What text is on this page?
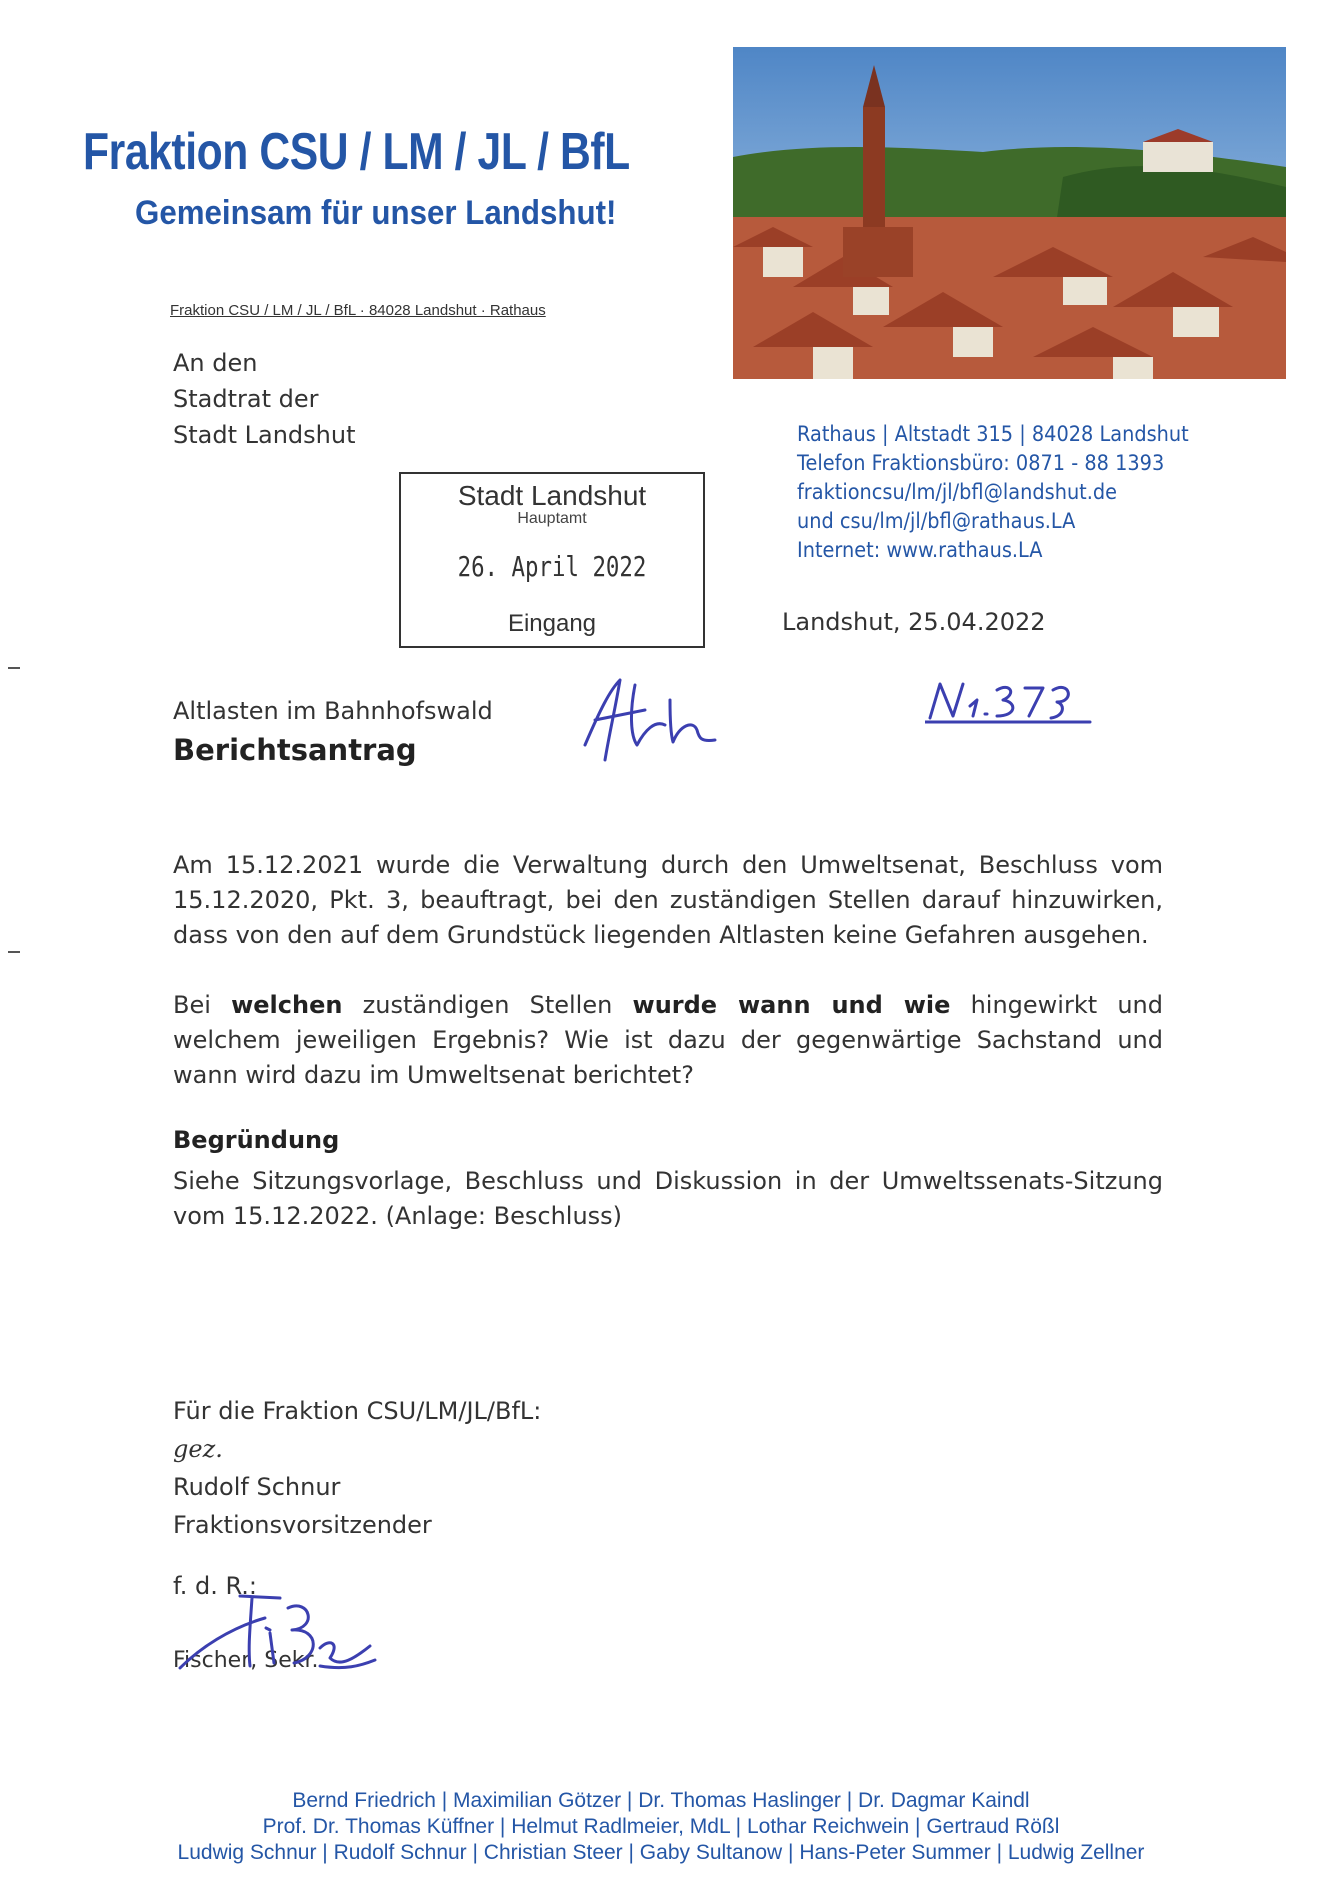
Fraktion CSU / LM / JL / BfL
Gemeinsam für unser Landshut!
Fraktion CSU / LM / JL / BfL · 84028 Landshut · Rathaus
An den
Stadtrat der
Stadt Landshut	Rathaus | Altstadt 315 | 84028 Landshut
Telefon Fraktionsbüro: 0871 - 88 1393
fraktioncsu/lm/jl/bfl@landshut.de
und csu/lm/jl/bfl@rathaus.LA
Internet: www.rathaus.LA
Stadt Landshut
Hauptamt
26. April 2022
Eingang	Landshut, 25.04.2022
Altlasten im Bahnhofswald
Berichtsantrag
Am 15.12.2021 wurde die Verwaltung durch den Umweltsenat, Beschluss vom 15.12.2020, Pkt. 3, beauftragt, bei den zuständigen Stellen darauf hinzuwirken, dass von den auf dem Grundstück liegenden Altlasten keine Gefahren ausgehen.
Bei welchen zuständigen Stellen wurde wann und wie hingewirkt und welchem jeweiligen Ergebnis? Wie ist dazu der gegenwärtige Sachstand und wann wird dazu im Umweltsenat berichtet?
Begründung
Siehe Sitzungsvorlage, Beschluss und Diskussion in der Umweltssenats-Sitzung vom 15.12.2022. (Anlage: Beschluss)
Für die Fraktion CSU/LM/JL/BfL:
gez.
Rudolf Schnur
Fraktionsvorsitzender
f. d. R.:
Fischer, Sekr.
Bernd Friedrich | Maximilian Götzer | Dr. Thomas Haslinger | Dr. Dagmar Kaindl
Prof. Dr. Thomas Küffner | Helmut Radlmeier, MdL | Lothar Reichwein | Gertraud Rößl
Ludwig Schnur | Rudolf Schnur | Christian Steer | Gaby Sultanow | Hans-Peter Summer | Ludwig Zellner
